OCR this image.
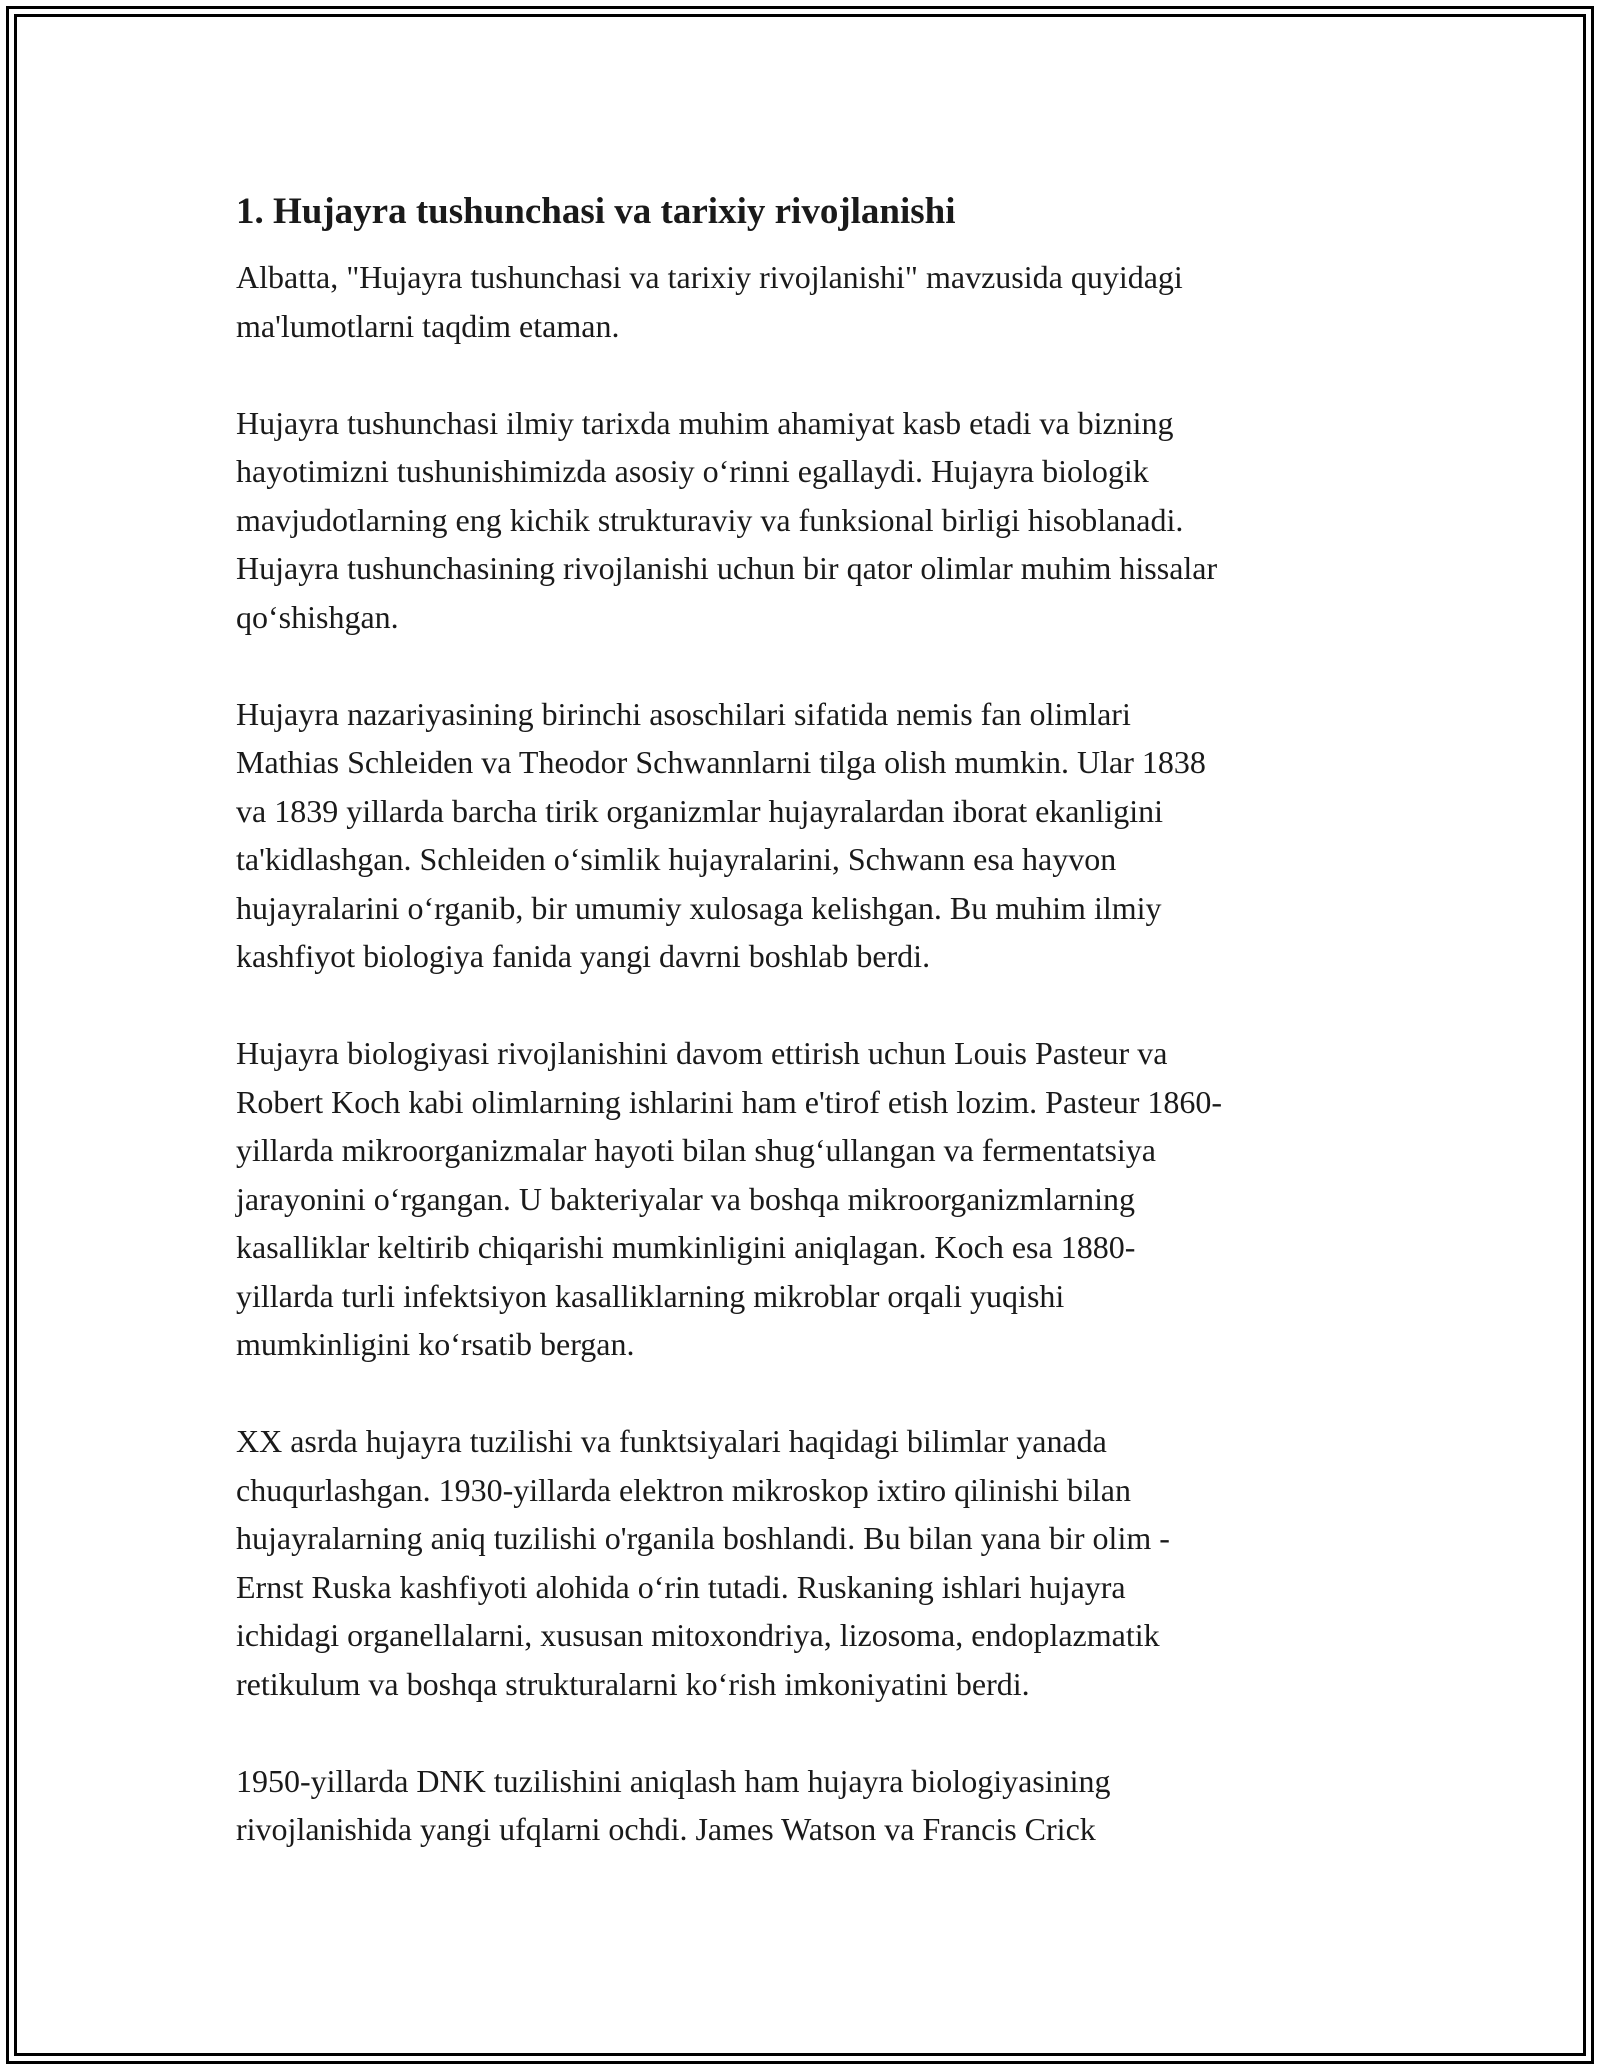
1. Hujayra tushunchasi va tarixiy rivojlanishi

Albatta, "Hujayra tushunchasi va tarixiy rivojlanishi" mavzusida quyidagi
ma'lumotlarni taqdim etaman.

Hujayra tushunchasi ilmiy tarixda muhim ahamiyat kasb etadi va bizning
hayotimizni tushunishimizda asosiy o‘rinni egallaydi. Hujayra biologik
mavjudotlarning eng kichik strukturaviy va funksional birligi hisoblanadi.
Hujayra tushunchasining rivojlanishi uchun bir qator olimlar muhim hissalar
qo‘shishgan.

Hujayra nazariyasining birinchi asoschilari sifatida nemis fan olimlari
Mathias Schleiden va Theodor Schwannlarni tilga olish mumkin. Ular 1838
va 1839 yillarda barcha tirik organizmlar hujayralardan iborat ekanligini
ta'kidlashgan. Schleiden o‘simlik hujayralarini, Schwann esa hayvon
hujayralarini o‘rganib, bir umumiy xulosaga kelishgan. Bu muhim ilmiy
kashfiyot biologiya fanida yangi davrni boshlab berdi.

Hujayra biologiyasi rivojlanishini davom ettirish uchun Louis Pasteur va
Robert Koch kabi olimlarning ishlarini ham e'tirof etish lozim. Pasteur 1860-
yillarda mikroorganizmalar hayoti bilan shug‘ullangan va fermentatsiya
jarayonini o‘rgangan. U bakteriyalar va boshqa mikroorganizmlarning
kasalliklar keltirib chiqarishi mumkinligini aniqlagan. Koch esa 1880-
yillarda turli infektsiyon kasalliklarning mikroblar orqali yuqishi
mumkinligini ko‘rsatib bergan.

XX asrda hujayra tuzilishi va funktsiyalari haqidagi bilimlar yanada
chuqurlashgan. 1930-yillarda elektron mikroskop ixtiro qilinishi bilan
hujayralarning aniq tuzilishi o'rganila boshlandi. Bu bilan yana bir olim -
Ernst Ruska kashfiyoti alohida o‘rin tutadi. Ruskaning ishlari hujayra
ichidagi organellalarni, xususan mitoxondriya, lizosoma, endoplazmatik
retikulum va boshqa strukturalarni ko‘rish imkoniyatini berdi.

1950-yillarda DNK tuzilishini aniqlash ham hujayra biologiyasining
rivojlanishida yangi ufqlarni ochdi. James Watson va Francis Crick
